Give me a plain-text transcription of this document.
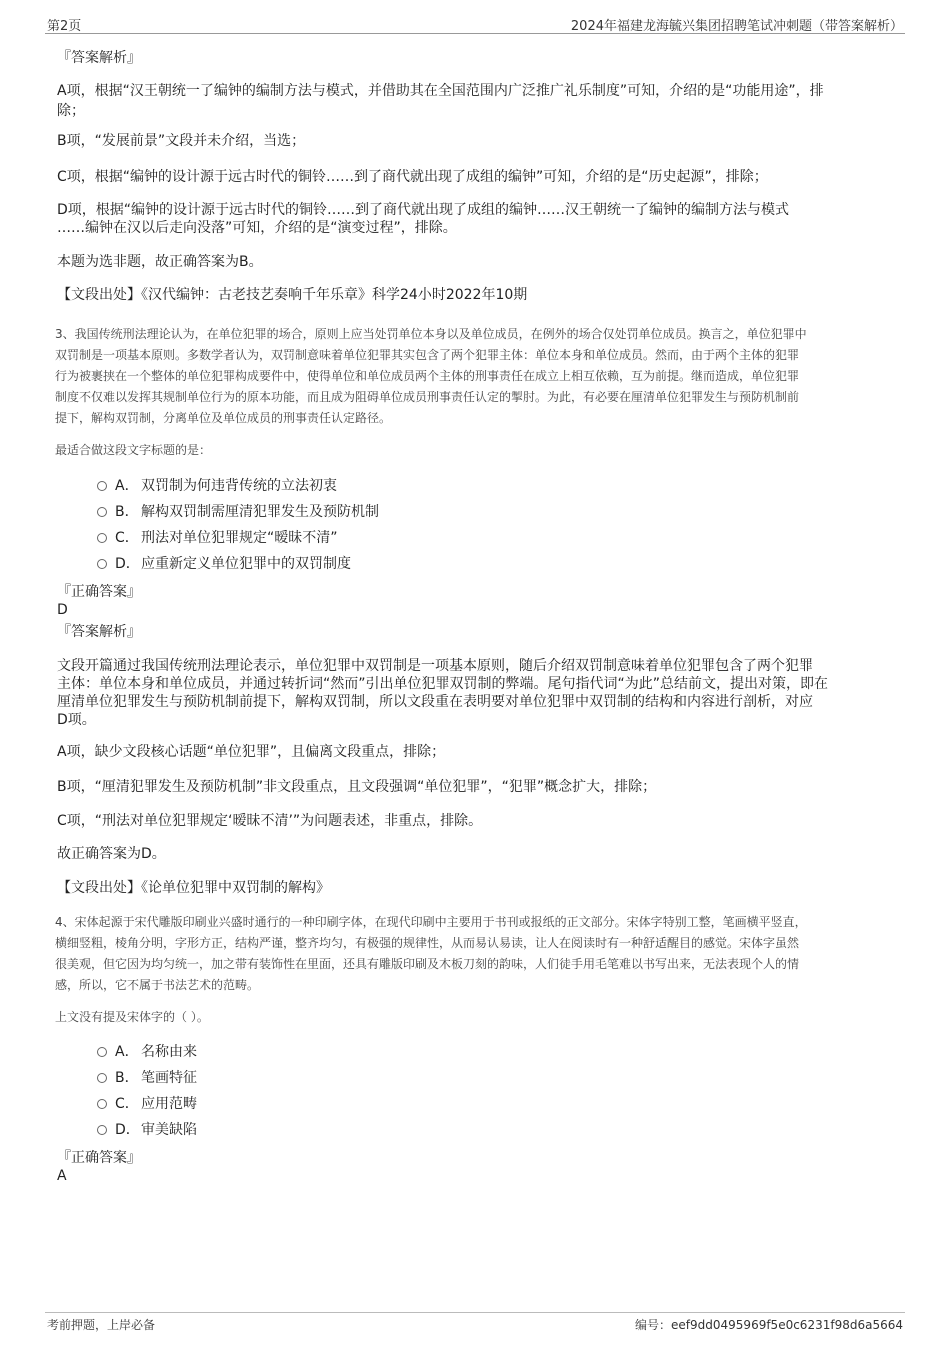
第2页	2024年福建龙海毓兴集团招聘笔试冲刺题（带答案解析）
『答案解析』
A项，根据“汉王朝统一了编钟的编制方法与模式，并借助其在全国范围内广泛推广礼乐制度”可知，介绍的是“功能用途”，排
除；
B项，“发展前景”文段并未介绍，当选；
C项，根据“编钟的设计源于远古时代的铜铃……到了商代就出现了成组的编钟”可知，介绍的是“历史起源”，排除；
D项，根据“编钟的设计源于远古时代的铜铃……到了商代就出现了成组的编钟……汉王朝统一了编钟的编制方法与模式
……编钟在汉以后走向没落”可知，介绍的是“演变过程”，排除。
本题为选非题，故正确答案为B。
【文段出处】《汉代编钟：古老技艺奏响千年乐章》科学24小时2022年10期
3、我国传统刑法理论认为，在单位犯罪的场合，原则上应当处罚单位本身以及单位成员，在例外的场合仅处罚单位成员。换言之，单位犯罪中
双罚制是一项基本原则。多数学者认为，双罚制意味着单位犯罪其实包含了两个犯罪主体：单位本身和单位成员。然而，由于两个主体的犯罪
行为被裹挟在一个整体的单位犯罪构成要件中，使得单位和单位成员两个主体的刑事责任在成立上相互依赖，互为前提。继而造成，单位犯罪
制度不仅难以发挥其规制单位行为的原本功能，而且成为阻碍单位成员刑事责任认定的掣肘。为此，有必要在厘清单位犯罪发生与预防机制前
提下，解构双罚制，分离单位及单位成员的刑事责任认定路径。
最适合做这段文字标题的是：
A． 双罚制为何违背传统的立法初衷
B． 解构双罚制需厘清犯罪发生及预防机制
C． 刑法对单位犯罪规定“暧昧不清”
D．应重新定义单位犯罪中的双罚制度
『正确答案』
D
『答案解析』
文段开篇通过我国传统刑法理论表示，单位犯罪中双罚制是一项基本原则，随后介绍双罚制意味着单位犯罪包含了两个犯罪
主体：单位本身和单位成员，并通过转折词“然而”引出单位犯罪双罚制的弊端。尾句指代词“为此”总结前文，提出对策，即在
厘清单位犯罪发生与预防机制前提下，解构双罚制，所以文段重在表明要对单位犯罪中双罚制的结构和内容进行剖析，对应
D项。
A项，缺少文段核心话题“单位犯罪”，且偏离文段重点，排除；
B项，“厘清犯罪发生及预防机制”非文段重点，且文段强调“单位犯罪”，“犯罪”概念扩大，排除；
C项，“刑法对单位犯罪规定‘暧昧不清’”为问题表述，非重点，排除。
故正确答案为D。
【文段出处】《论单位犯罪中双罚制的解构》
4、宋体起源于宋代雕版印刷业兴盛时通行的一种印刷字体，在现代印刷中主要用于书刊或报纸的正文部分。宋体字特别工整，笔画横平竖直，
横细竖粗，棱角分明，字形方正，结构严谨，整齐均匀，有极强的规律性，从而易认易读，让人在阅读时有一种舒适醒目的感觉。宋体字虽然
很美观，但它因为均匀统一，加之带有装饰性在里面，还具有雕版印刷及木板刀刻的韵味，人们徒手用毛笔难以书写出来，无法表现个人的情
感，所以，它不属于书法艺术的范畴。
上文没有提及宋体字的（ ）。
A． 名称由来
B． 笔画特征
C． 应用范畴
D．审美缺陷
『正确答案』
A
考前押题，上岸必备	编号：eef9dd0495969f5e0c6231f98d6a5664
